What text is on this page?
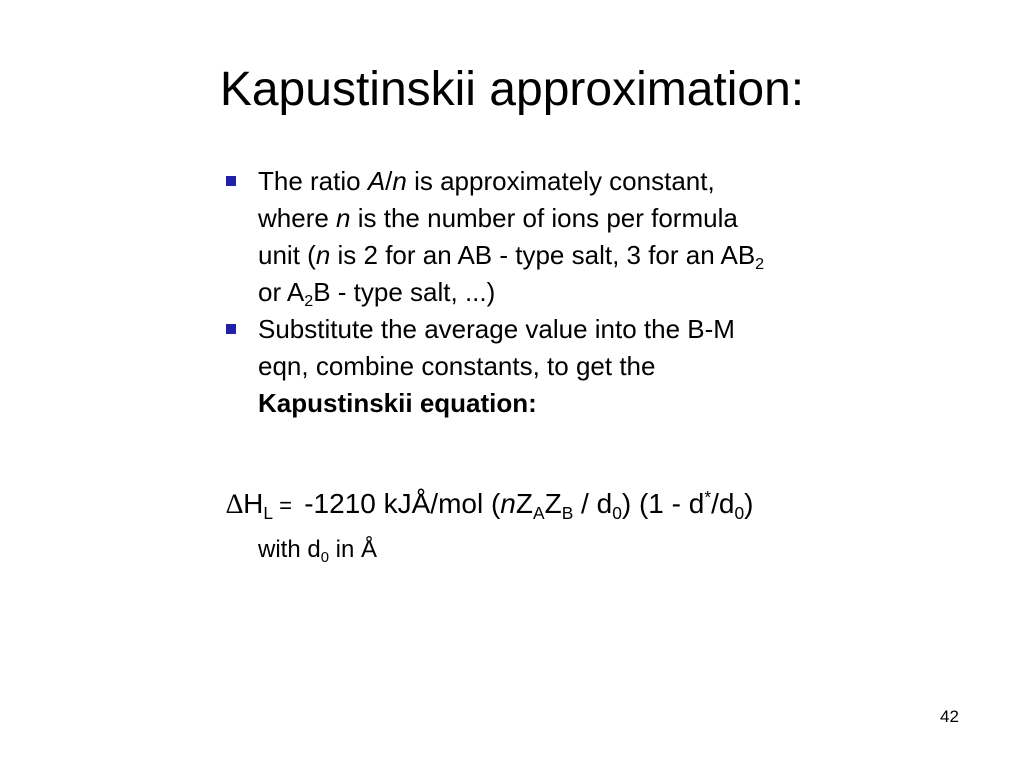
Kapustinskii approximation:
The ratio A/n is approximately constant,
where n is the number of ions per formula
unit (n is 2 for an AB - type salt, 3 for an $AB_2$
or $A_2B$ - type salt, ...)
Substitute the average value into the B-M
eqn, combine constants, to get the
Kapustinskii equation:
$\Delta H_L = -1210$ kJÅ/mol $(nZ_AZ_B / d_0)$ $(1 - d^*/d_0)$
with $d_0$ in Å
42
